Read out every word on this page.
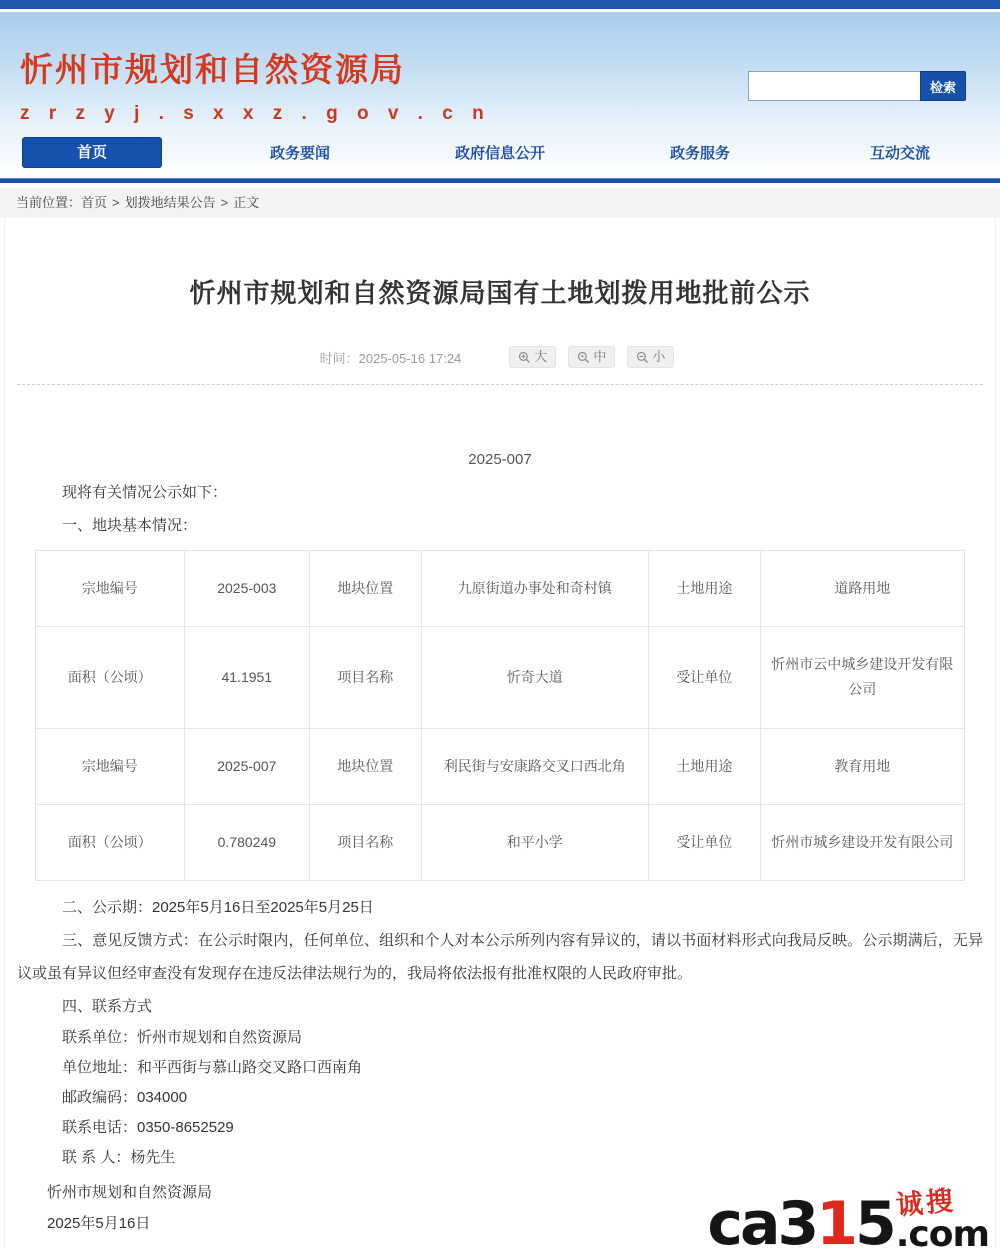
忻州市规划和自然资源局
z r z y j . s x x z . g o v . c n
检索
首页	政务要闻	政府信息公开	政务服务	互动交流
当前位置：首页 > 划拨地结果公告 > 正文
忻州市规划和自然资源局国有土地划拨用地批前公示
时间：2025-05-16 17:24	大	中	小
2025-007

现将有关情况公示如下：

一、地块基本情况：

宗地编号	2025-003	地块位置	九原街道办事处和奇村镇	土地用途	道路用地
面积（公顷）	41.1951	项目名称	忻奇大道	受让单位	忻州市云中城乡建设开发有限公司
宗地编号	2025-007	地块位置	利民街与安康路交叉口西北角	土地用途	教育用地
面积（公顷）	0.780249	项目名称	和平小学	受让单位	忻州市城乡建设开发有限公司

二、公示期：2025年5月16日至2025年5月25日

三、意见反馈方式：在公示时限内，任何单位、组织和个人对本公示所列内容有异议的，请以书面材料形式向我局反映。公示期满后，无异议或虽有异议但经审查没有发现存在违反法律法规行为的，我局将依法报有批准权限的人民政府审批。

四、联系方式

联系单位：忻州市规划和自然资源局

单位地址：和平西街与慕山路交叉路口西南角

邮政编码：034000

联系电话：0350-8652529

联 系 人：杨先生

忻州市规划和自然资源局

2025年5月16日	ca3 1 5 诚搜
.com
